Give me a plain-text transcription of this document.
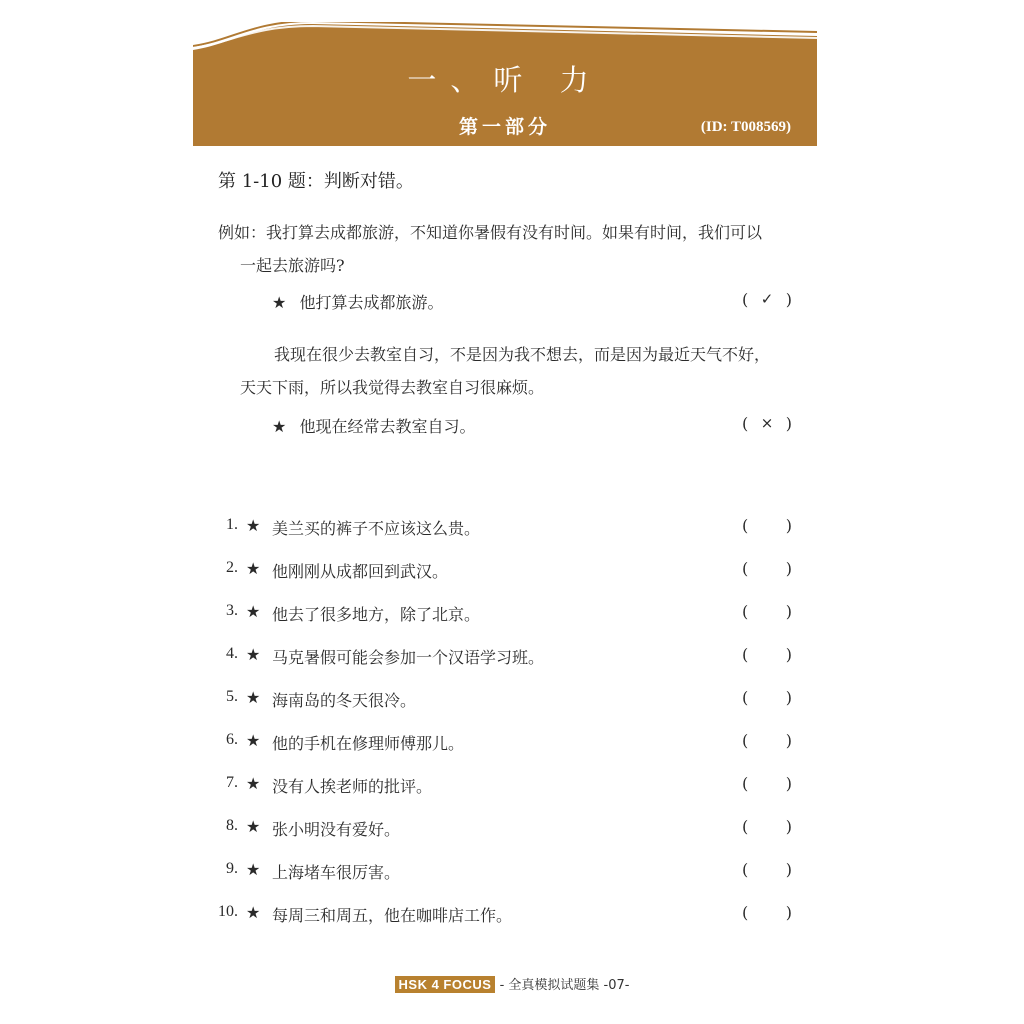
一、听 力
第一部分	(ID: T008569)
第 1-10 题：判断对错。
例如：我打算去成都旅游，不知道你暑假有没有时间。如果有时间，我们可以
一起去旅游吗?
★ 他打算去成都旅游。	( ✓ )
我现在很少去教室自习，不是因为我不想去，而是因为最近天气不好，
天天下雨，所以我觉得去教室自习很麻烦。
★ 他现在经常去教室自习。	( × )
1. ★ 美兰买的裤子不应该这么贵。	( )
2. ★ 他刚刚从成都回到武汉。	( )
3. ★ 他去了很多地方，除了北京。	( )
4. ★ 马克暑假可能会参加一个汉语学习班。	( )
5. ★ 海南岛的冬天很冷。	( )
6. ★ 他的手机在修理师傅那儿。	( )
7. ★ 没有人挨老师的批评。	( )
8. ★ 张小明没有爱好。	( )
9. ★ 上海堵车很厉害。	( )
10. ★ 每周三和周五，他在咖啡店工作。	( )
HSK 4 FOCUS - 全真模拟试题集 -07-
